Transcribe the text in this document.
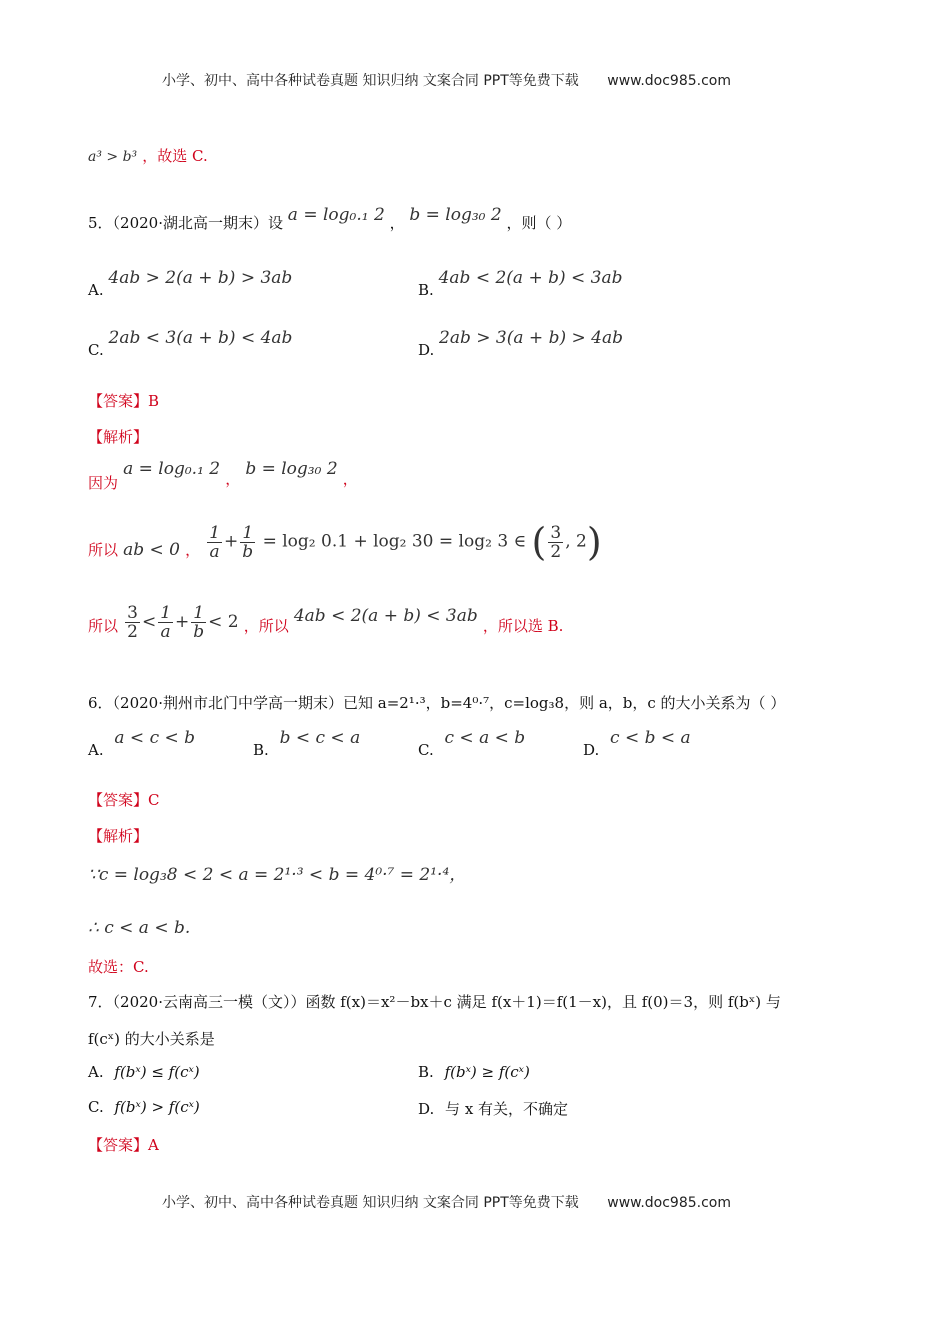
小学、初中、高中各种试卷真题 知识归纳 文案合同 PPT等免费下载 www.doc985.com
a³ > b³ ，故选 C.
5．（2020·湖北高一期末）设 a = log₀.₁ 2 ， b = log₃₀ 2 ，则（ ）
A. 4ab > 2(a + b) > 3ab
B. 4ab < 2(a + b) < 3ab
C. 2ab < 3(a + b) < 4ab
D. 2ab > 3(a + b) > 4ab
【答案】B
【解析】
因为 a = log₀.₁ 2 ， b = log₃₀ 2 ，
所以 ab < 0 ， $\frac{1}{a} + \frac{1}{b} = \log_2$ 0.1 + log₂ 30 = log₂ 3 ∈ ( $\frac{3}{2}$ , 2)
所以 $\frac{3}{2} < \frac{1}{a} + \frac{1}{b} < 2$ ，所以 4ab < 2(a + b) < 3ab ，所以选 B.
6．（2020·荆州市北门中学高一期末）已知 a=2¹·³，b=4⁰·⁷，c=log₃8，则 a，b，c 的大小关系为（ ）
A. a < c < b
B. b < c < a
C. c < a < b
D. c < b < a
【答案】C
【解析】
∵c = log₃8 < 2 < a = 2¹·³ < b = 4⁰·⁷ = 2¹·⁴，
∴ c < a < b.
故选：C.
7．（2020·云南高三一模（文））函数 f(x)＝x²－bx＋c 满足 f(x＋1)＝f(1－x)，且 f(0)＝3，则 f(bˣ) 与
f(cˣ) 的大小关系是
A. f(bˣ) ≤ f(cˣ)	B. f(bˣ) ≥ f(cˣ)
C. f(bˣ) > f(cˣ)	D. 与 x 有关，不确定
【答案】A
小学、初中、高中各种试卷真题 知识归纳 文案合同 PPT等免费下载 www.doc985.com
